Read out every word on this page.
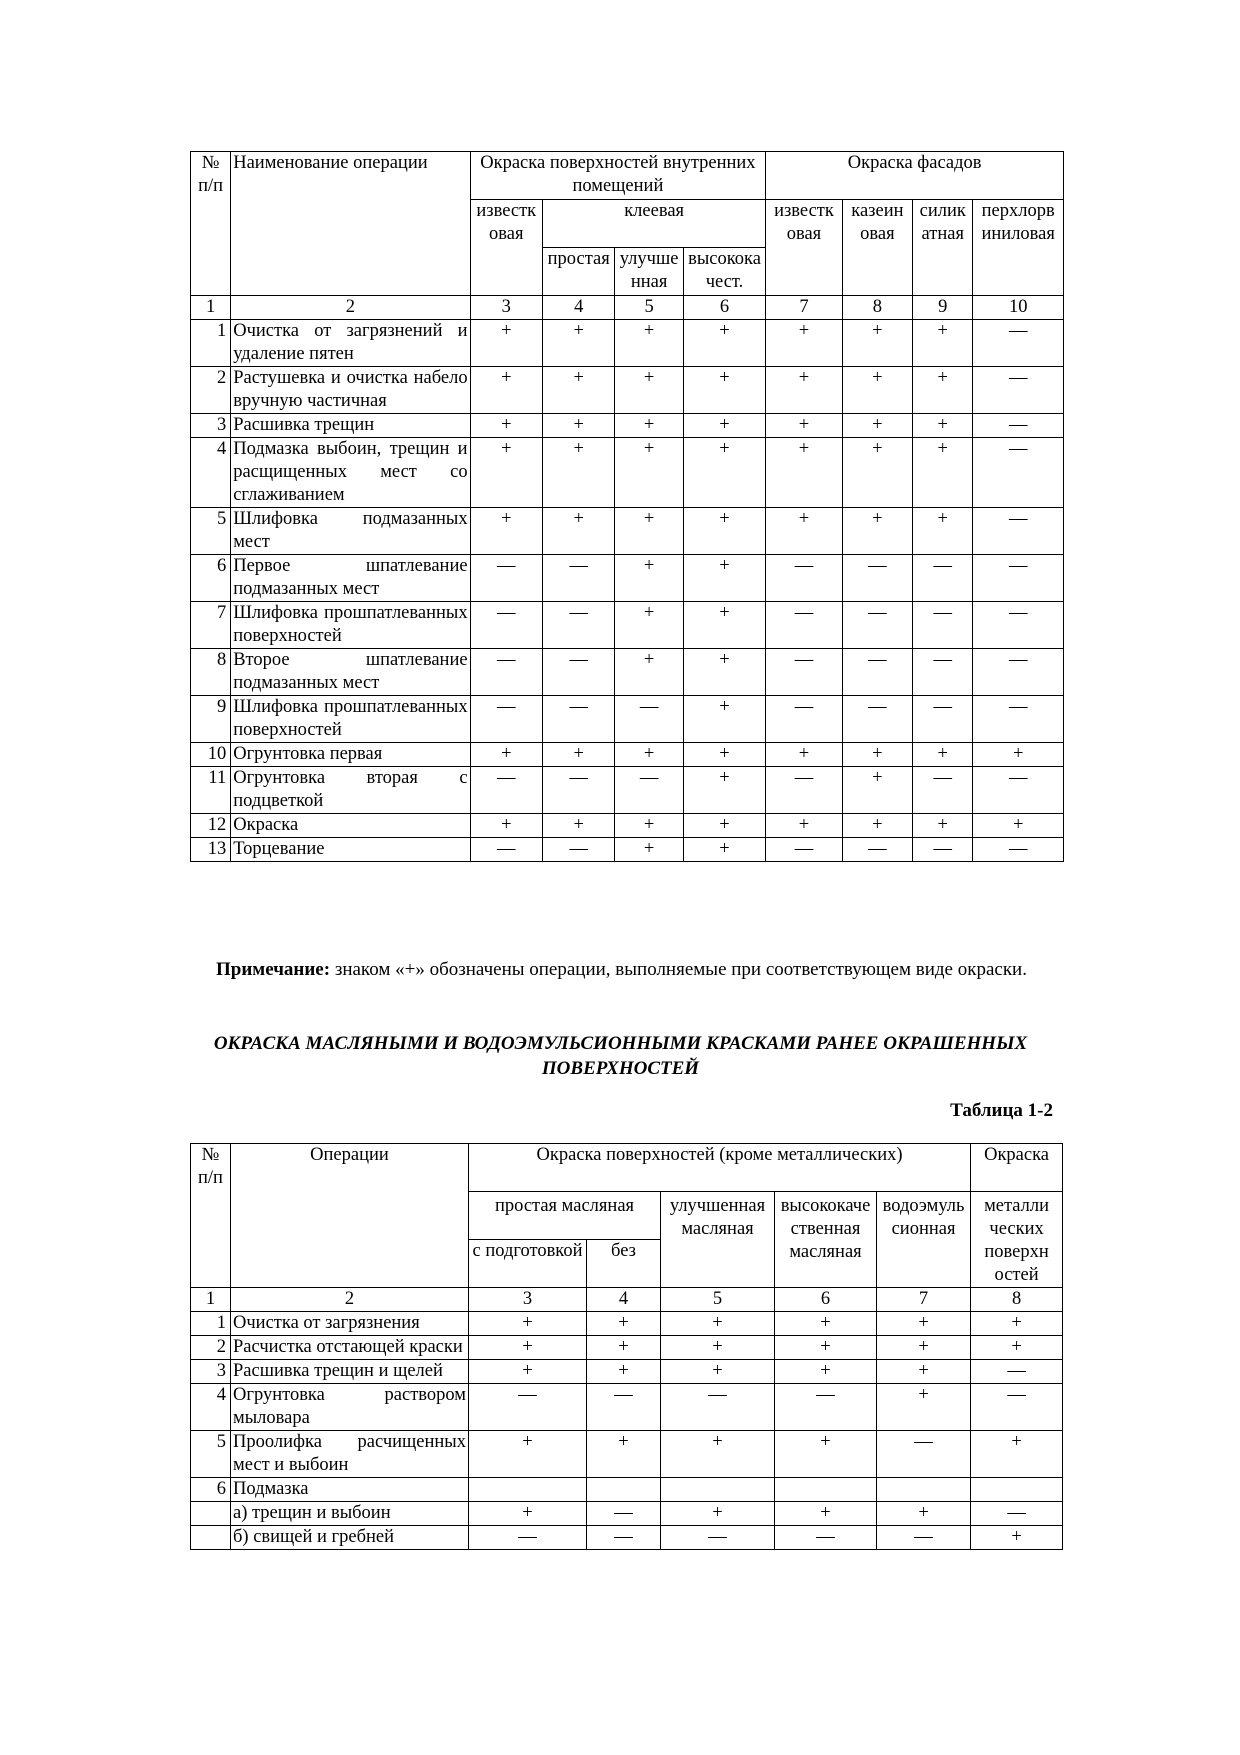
№ п/п	Наименование операции	Окраска поверхностей внутренних помещений				Окраска фасадов			
		известк овая	клеевая			известк овая	казеин овая	силик атная	перхлорв иниловая
			простая	улучше нная	высокока чест.				
1	2	3	4	5	6	7	8	9	10
1	Очистка от загрязнений и удаление пятен	+	+	+	+	+	+	+	—
2	Растушевка и очистка набело вручную частичная	+	+	+	+	+	+	+	—
3	Расшивка трещин	+	+	+	+	+	+	+	—
4	Подмазка выбоин, трещин и расщищенных мест со сглаживанием	+	+	+	+	+	+	+	—
5	Шлифовка подмазанных мест	+	+	+	+	+	+	+	—
6	Первое шпатлевание подмазанных мест	—	—	+	+	—	—	—	—
7	Шлифовка прошпатлеванных поверхностей	—	—	+	+	—	—	—	—
8	Второе шпатлевание подмазанных мест	—	—	+	+	—	—	—	—
9	Шлифовка прошпатлеванных поверхностей	—	—	—	+	—	—	—	—
10	Огрунтовка первая	+	+	+	+	+	+	+	+
11	Огрунтовка вторая с подцветкой	—	—	—	+	—	+	—	—
12	Окраска	+	+	+	+	+	+	+	+
13	Торцевание	—	—	+	+	—	—	—	—
Примечание: знаком «+» обозначены операции, выполняемые при соответствующем виде окраски.
ОКРАСКА МАСЛЯНЫМИ И ВОДОЭМУЛЬСИОННЫМИ КРАСКАМИ РАНЕЕ ОКРАШЕННЫХ ПОВЕРХНОСТЕЙ
Таблица 1-2
№ п/п	Операции	Окраска поверхностей (кроме металлических)					Окраска
		простая масляная		улучшенная масляная	высококаче ственная масляная	водоэмуль сионная	металли ческих поверхн остей
		с подготовкой	без				
1	2	3	4	5	6	7	8
1	Очистка от загрязнения	+	+	+	+	+	+
2	Расчистка отстающей краски	+	+	+	+	+	+
3	Расшивка трещин и щелей	+	+	+	+	+	—
4	Огрунтовка раствором мыловара	—	—	—	—	+	—
5	Проолифка расчищенных мест и выбоин	+	+	+	+	—	+
6	Подмазка						
	а) трещин и выбоин	+	—	+	+	+	—
	б) свищей и гребней	—	—	—	—	—	+
